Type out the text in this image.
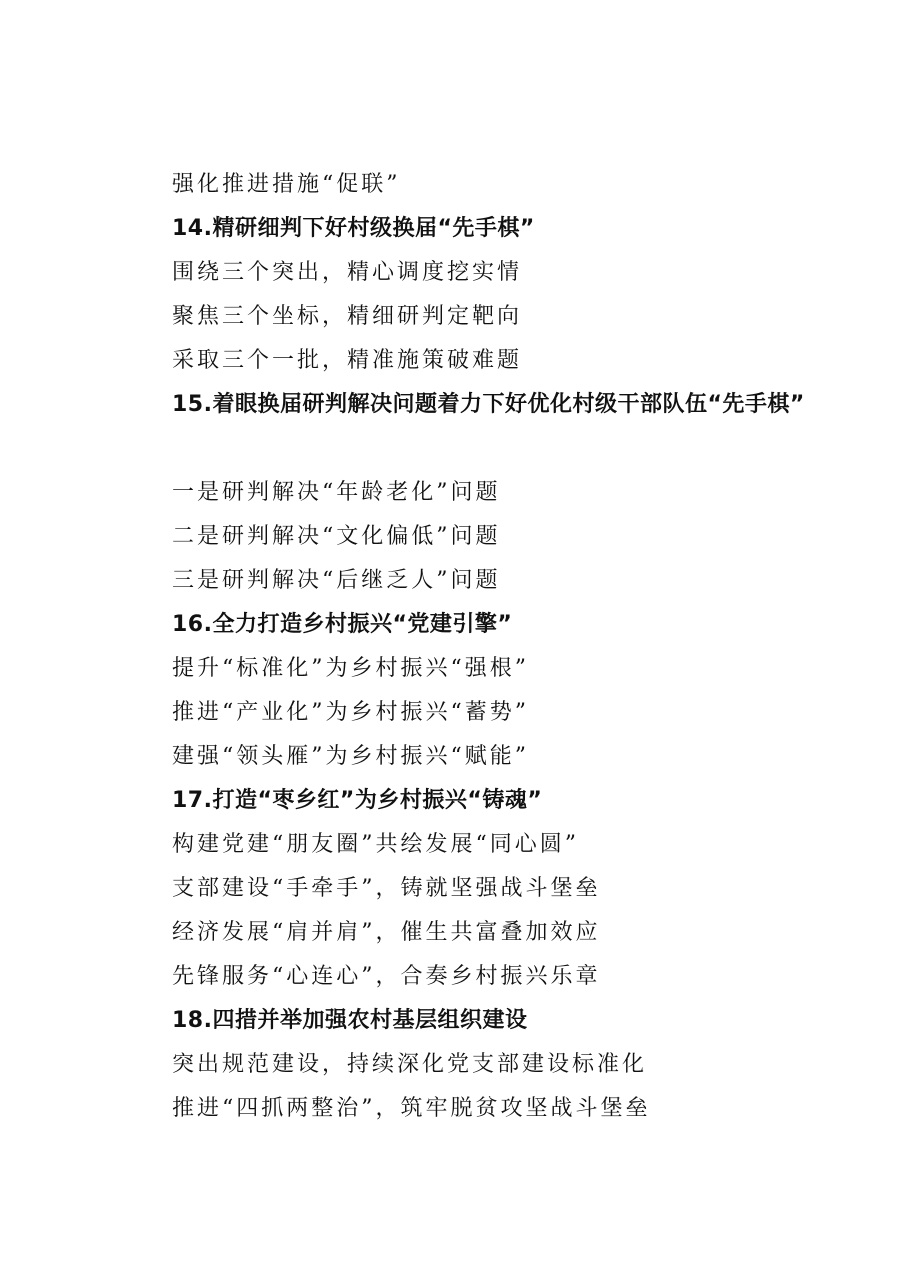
强化推进措施“促联”
14.精研细判下好村级换届“先手棋”
围绕三个突出，精心调度挖实情
聚焦三个坐标，精细研判定靶向
采取三个一批，精准施策破难题
15.着眼换届研判解决问题着力下好优化村级干部队伍“先手棋”
一是研判解决“年龄老化”问题
二是研判解决“文化偏低”问题
三是研判解决“后继乏人”问题
16.全力打造乡村振兴“党建引擎”
提升“标准化”为乡村振兴“强根”
推进“产业化”为乡村振兴“蓄势”
建强“领头雁”为乡村振兴“赋能”
17.打造“枣乡红”为乡村振兴“铸魂”
构建党建“朋友圈”共绘发展“同心圆”
支部建设“手牵手”，铸就坚强战斗堡垒
经济发展“肩并肩”，催生共富叠加效应
先锋服务“心连心”，合奏乡村振兴乐章
18.四措并举加强农村基层组织建设
突出规范建设，持续深化党支部建设标准化
推进“四抓两整治”，筑牢脱贫攻坚战斗堡垒
